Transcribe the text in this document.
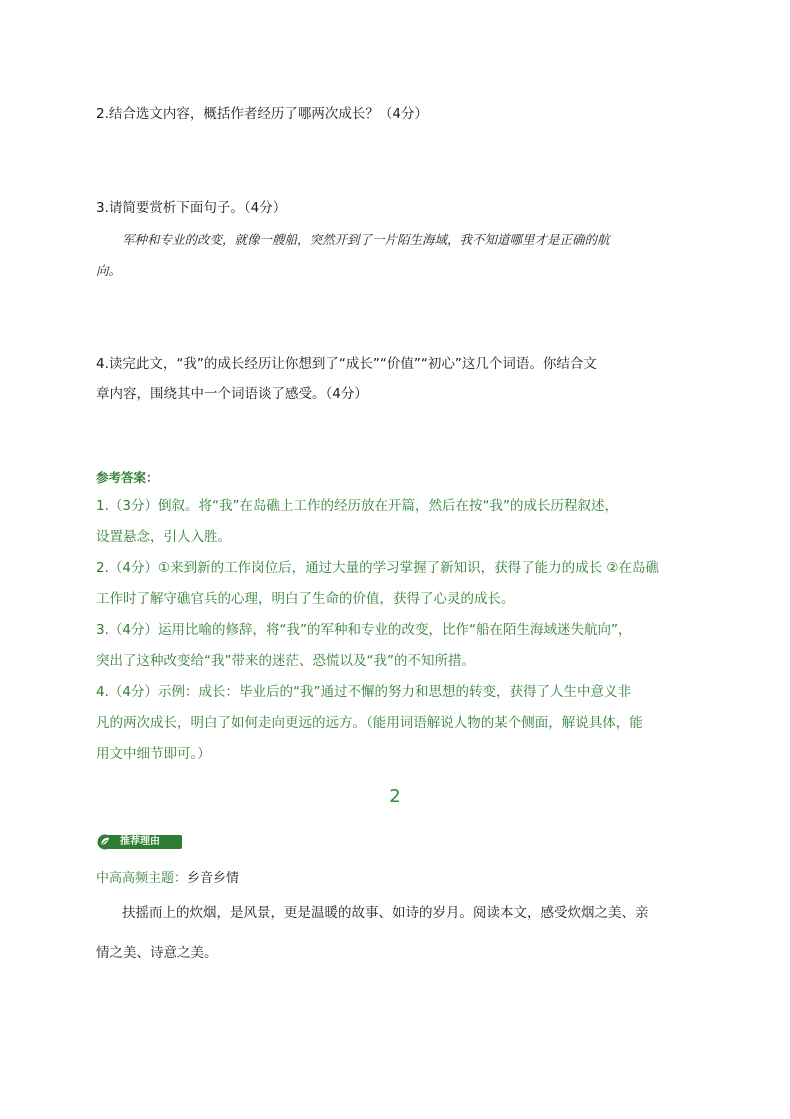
2.结合选文内容，概括作者经历了哪两次成长？（4分）
3.请简要赏析下面句子。（4分）
军种和专业的改变，就像一艘船，突然开到了一片陌生海域，我不知道哪里才是正确的航
向。
4.读完此文，“我”的成长经历让你想到了“成长”“价值”“初心”这几个词语。你结合文
章内容，围绕其中一个词语谈了感受。（4分）
参考答案：
1.（3分）倒叙。将“我”在岛礁上工作的经历放在开篇，然后在按“我”的成长历程叙述，
设置悬念，引人入胜。
2.（4分）①来到新的工作岗位后，通过大量的学习掌握了新知识，获得了能力的成长 ②在岛礁
工作时了解守礁官兵的心理，明白了生命的价值，获得了心灵的成长。
3.（4分）运用比喻的修辞，将“我”的军种和专业的改变，比作“船在陌生海域迷失航向”，
突出了这种改变给“我”带来的迷茫、恐慌以及“我”的不知所措。
4.（4分）示例：成长：毕业后的“我”通过不懈的努力和思想的转变，获得了人生中意义非
凡的两次成长，明白了如何走向更远的远方。（能用词语解说人物的某个侧面，解说具体，能
用文中细节即可。）
2
推荐理由
中高高频主题：乡音乡情
扶摇而上的炊烟，是风景，更是温暖的故事、如诗的岁月。阅读本文，感受炊烟之美、亲
情之美、诗意之美。
